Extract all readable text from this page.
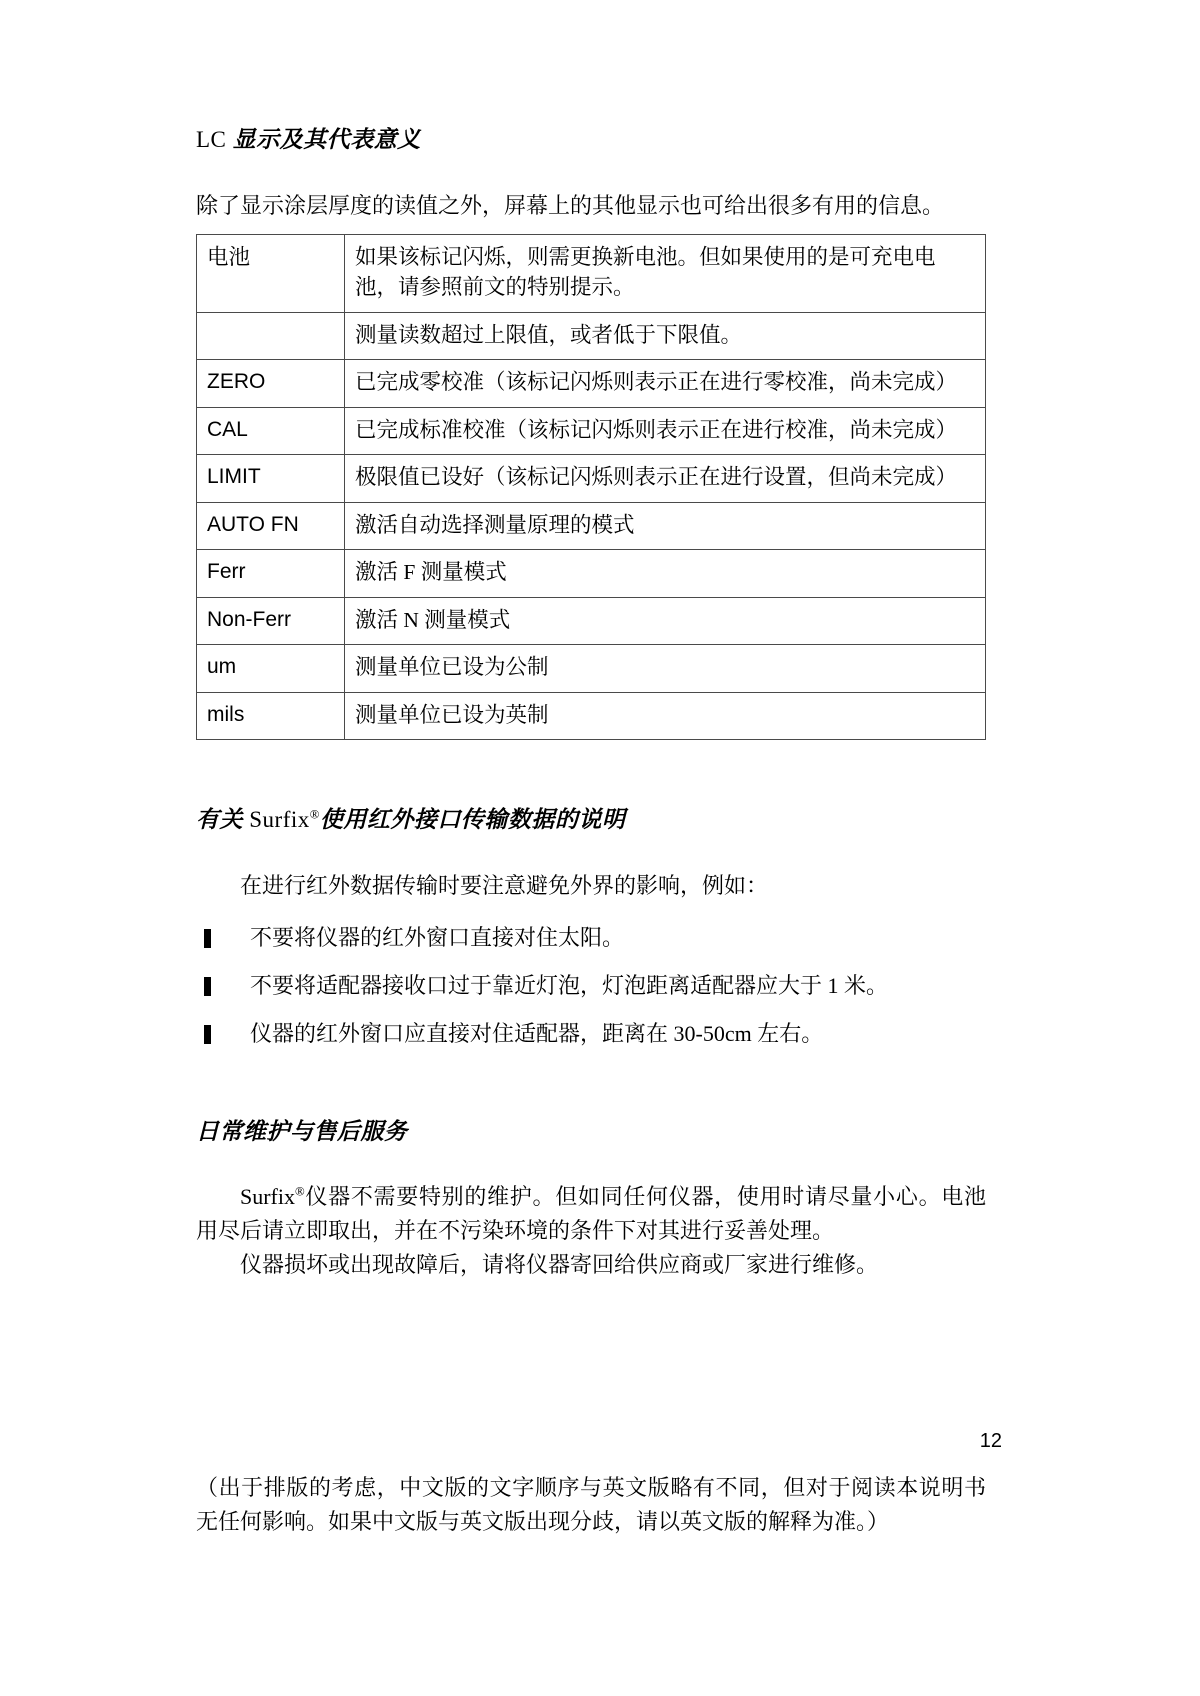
LC 显示及其代表意义

除了显示涂层厚度的读值之外，屏幕上的其他显示也可给出很多有用的信息。

电池	如果该标记闪烁，则需更换新电池。但如果使用的是可充电电池，请参照前文的特别提示。
	测量读数超过上限值，或者低于下限值。
ZERO	已完成零校准（该标记闪烁则表示正在进行零校准，尚未完成）
CAL	已完成标准校准（该标记闪烁则表示正在进行校准，尚未完成）
LIMIT	极限值已设好（该标记闪烁则表示正在进行设置，但尚未完成）
AUTO FN	激活自动选择测量原理的模式
Ferr	激活 F 测量模式
Non-Ferr	激活 N 测量模式
um	测量单位已设为公制
mils	测量单位已设为英制
有关 Surfix®使用红外接口传输数据的说明

在进行红外数据传输时要注意避免外界的影响，例如：

不要将仪器的红外窗口直接对住太阳。
不要将适配器接收口过于靠近灯泡，灯泡距离适配器应大于 1 米。
仪器的红外窗口应直接对住适配器，距离在 30-50cm 左右。
日常维护与售后服务

Surfix®仪器不需要特别的维护。但如同任何仪器，使用时请尽量小心。电池用尽后请立即取出，并在不污染环境的条件下对其进行妥善处理。

仪器损坏或出现故障后，请将仪器寄回给供应商或厂家进行维修。

（出于排版的考虑，中文版的文字顺序与英文版略有不同，但对于阅读本说明书无任何影响。如果中文版与英文版出现分歧，请以英文版的解释为准。）

12
